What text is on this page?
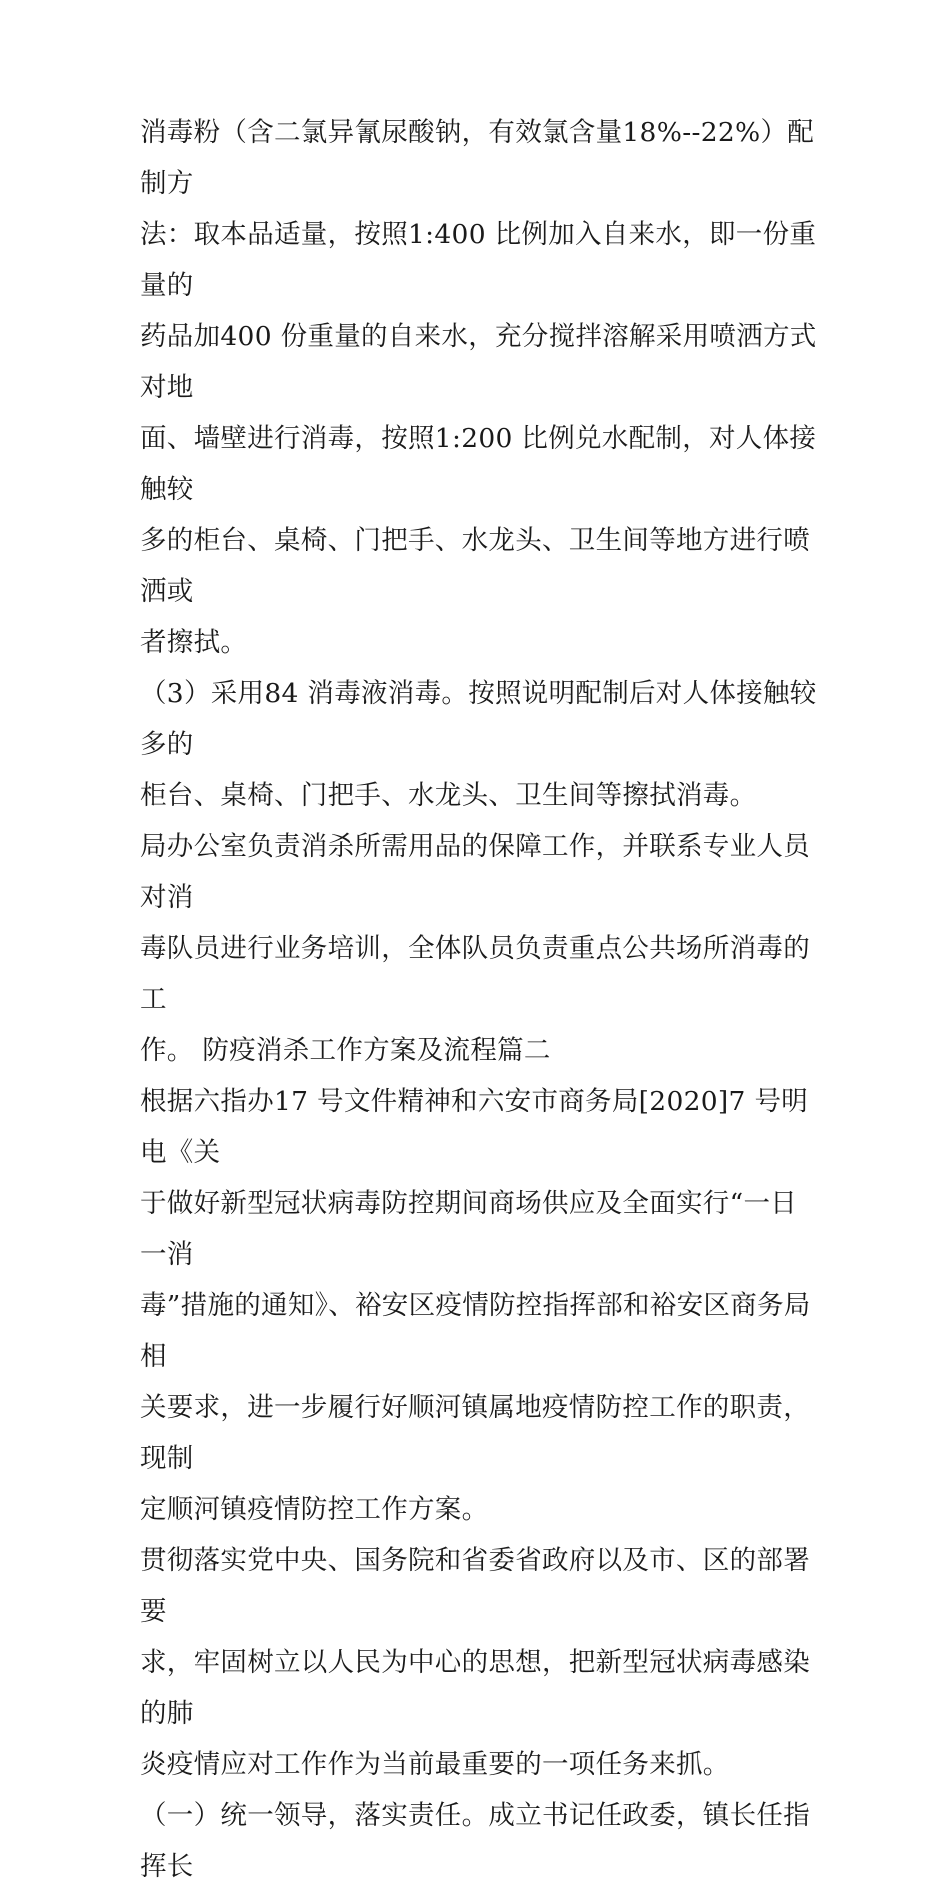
消毒粉（含二氯异氰尿酸钠，有效氯含量18%--22%）配制方
法：取本品适量，按照1:400 比例加入自来水，即一份重量的
药品加400 份重量的自来水，充分搅拌溶解采用喷洒方式对地
面、墙壁进行消毒，按照1:200 比例兑水配制，对人体接触较
多的柜台、桌椅、门把手、水龙头、卫生间等地方进行喷洒或
者擦拭。

（3）采用84 消毒液消毒。按照说明配制后对人体接触较多的
柜台、桌椅、门把手、水龙头、卫生间等擦拭消毒。

局办公室负责消杀所需用品的保障工作，并联系专业人员对消
毒队员进行业务培训，全体队员负责重点公共场所消毒的工
作。 防疫消杀工作方案及流程篇二

根据六指办17 号文件精神和六安市商务局[2020]7 号明电《关
于做好新型冠状病毒防控期间商场供应及全面实行“一日一消
毒”措施的通知》、裕安区疫情防控指挥部和裕安区商务局相
关要求，进一步履行好顺河镇属地疫情防控工作的职责，现制
定顺河镇疫情防控工作方案。

贯彻落实党中央、国务院和省委省政府以及市、区的部署要
求，牢固树立以人民为中心的思想，把新型冠状病毒感染的肺
炎疫情应对工作作为当前最重要的一项任务来抓。

（一）统一领导，落实责任。成立书记任政委，镇长任指挥长
